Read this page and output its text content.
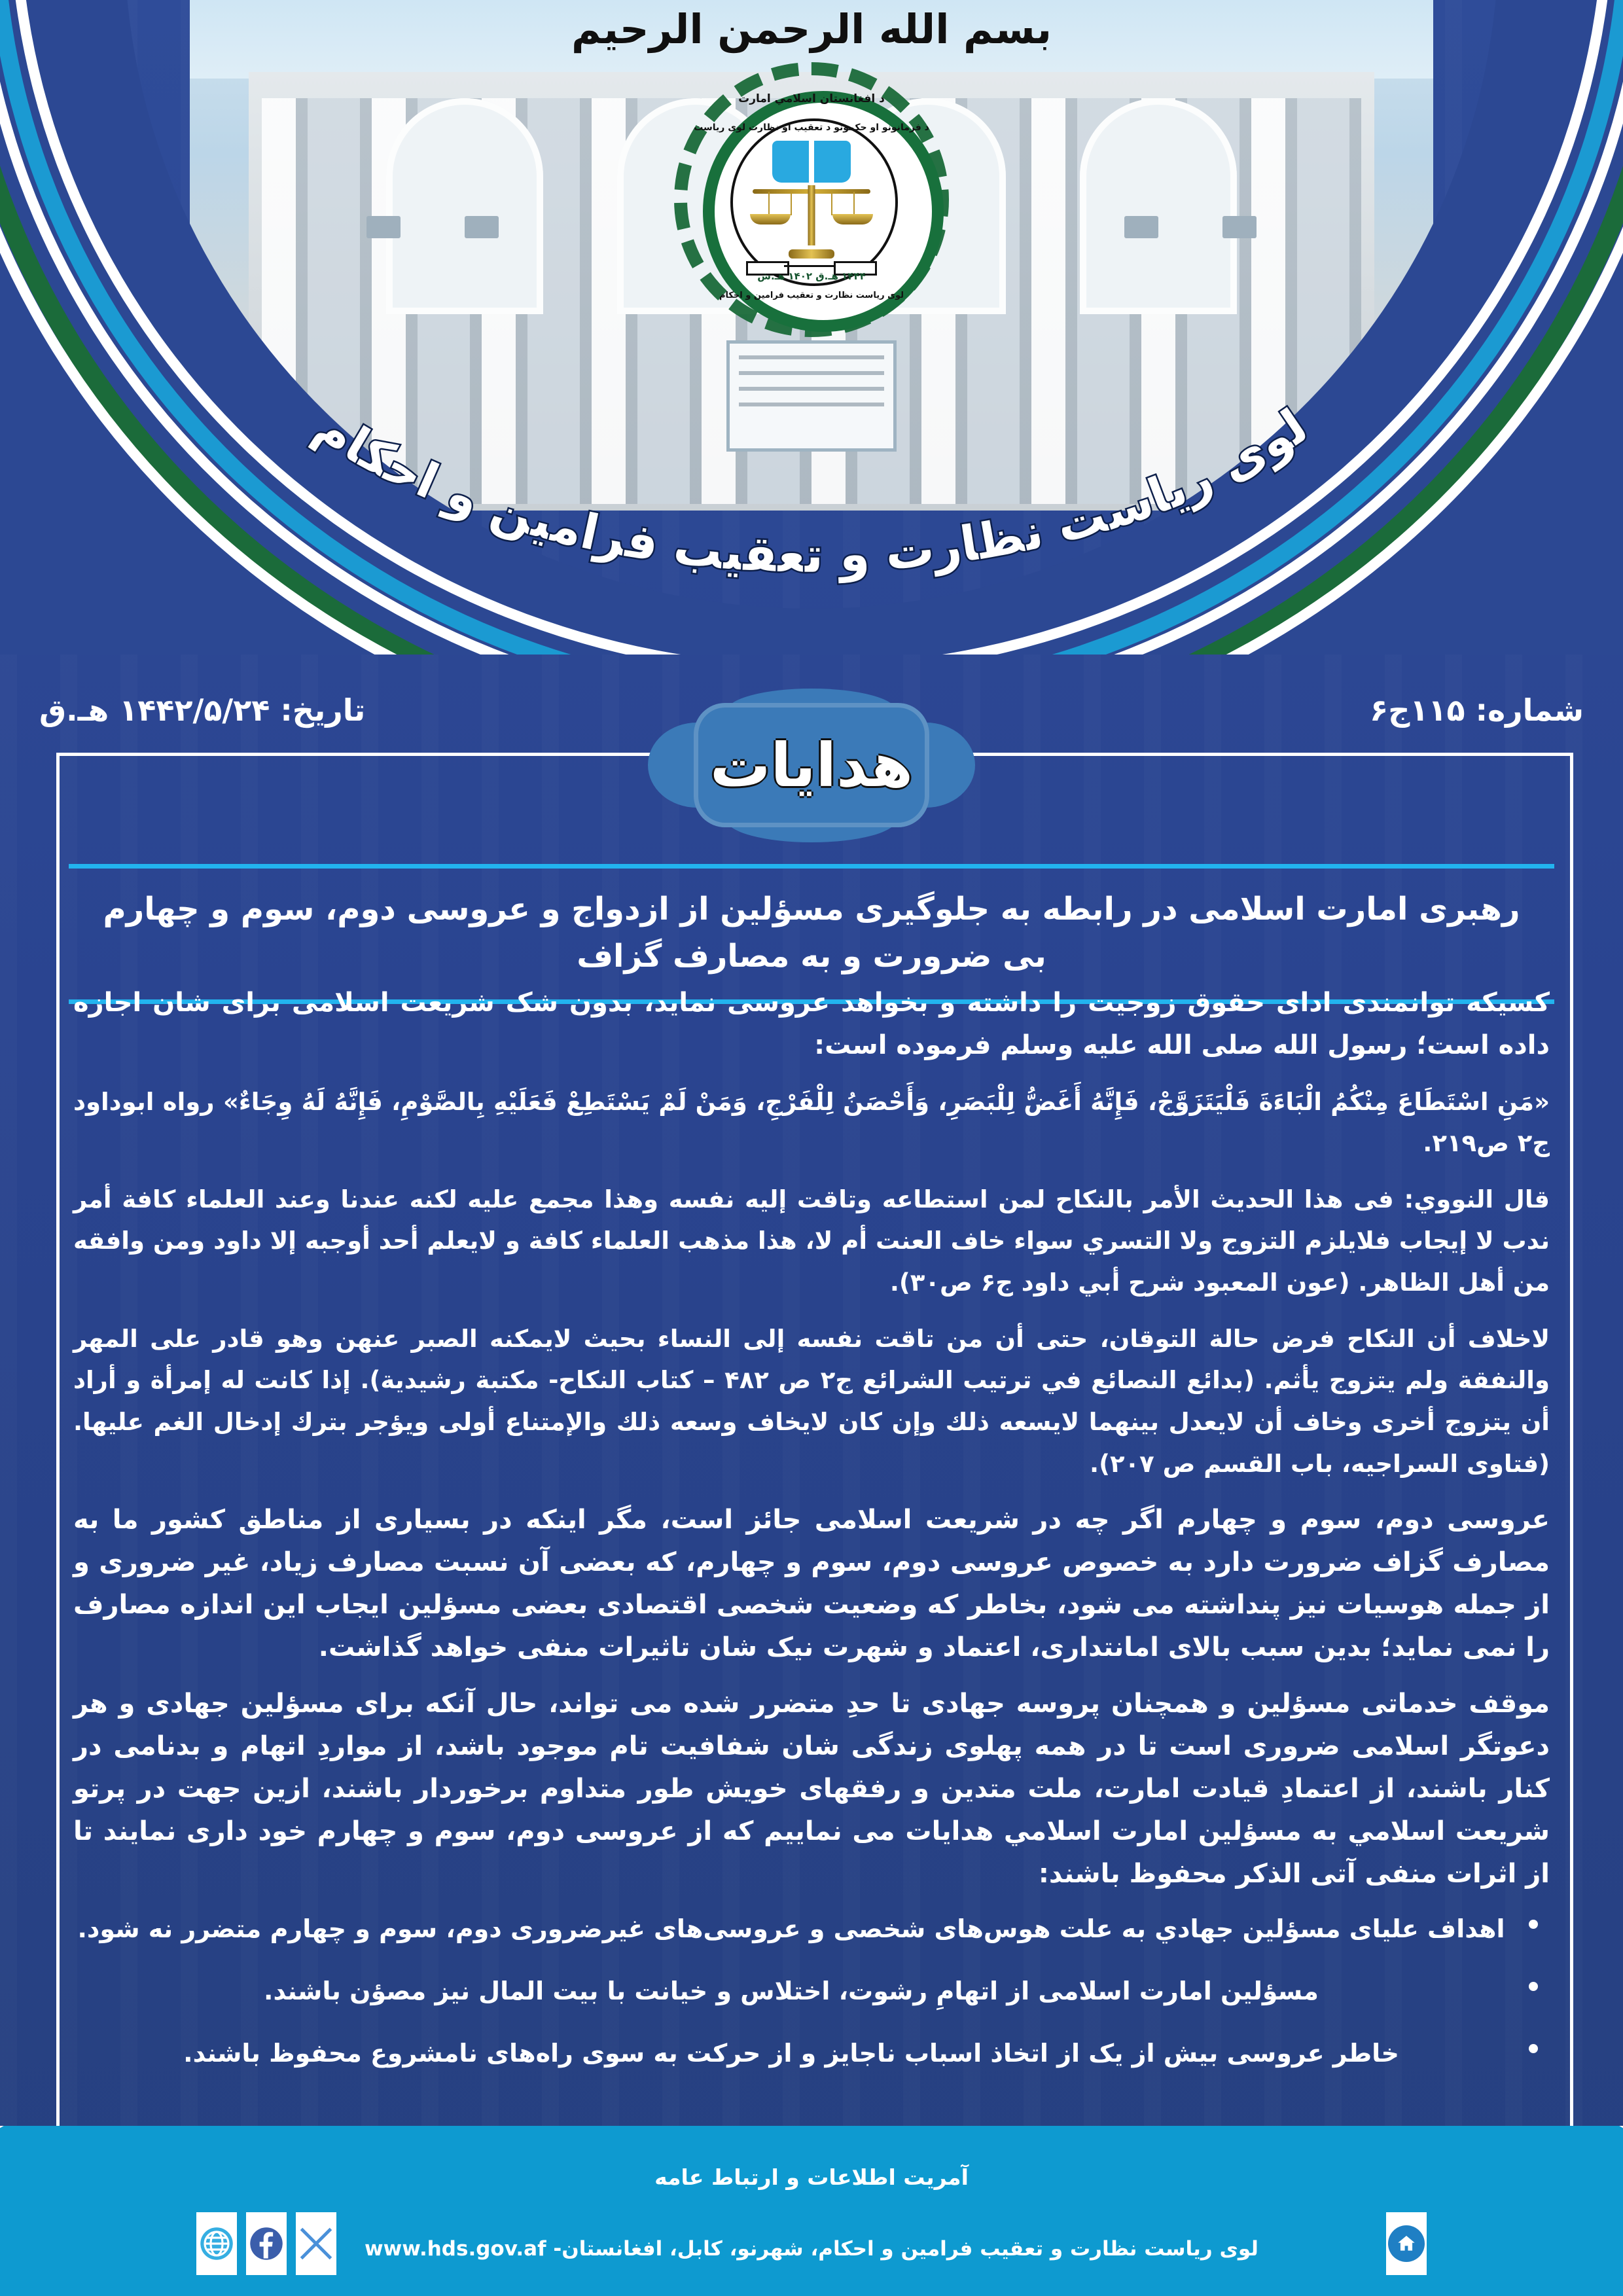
بسم الله الرحمن الرحیم
لوی ریاست نظارت و تعقیب فرامین و احکام
د افغانستان اسلامي امارت
د فرمانونو او حکمونو د تعقیب او نظارت لوی ریاست
۱۴۴۴ هـ.ق ۱۴۰۲ هـ.ش
لوی ریاست نظارت و تعقیب فرامین و احکام
شماره: ۱۱۵ج۶
تاریخ: ۱۴۴۲/۵/۲۴ هـ.ق
هدایات
رهبری امارت اسلامی در رابطه به جلوگیری مسؤلین از ازدواج و عروسی دوم، سوم و چهارم بی ضرورت و به مصارف گزاف

کسیکه توانمندی ادای حقوق زوجیت را داشته و بخواهد عروسی نماید، بدون شک شریعت اسلامی برای شان اجازه داده است؛ رسول الله صلی الله علیه وسلم فرموده است:

«مَنِ اسْتَطَاعَ مِنْكُمُ الْبَاءَةَ فَلْيَتَزَوَّجْ، فَإِنَّهُ أَغَضُّ لِلْبَصَرِ، وَأَحْصَنُ لِلْفَرْجِ، وَمَنْ لَمْ يَسْتَطِعْ فَعَلَيْهِ بِالصَّوْمِ، فَإِنَّهُ لَهُ وِجَاءٌ» رواه ابوداود ج۲ ص۲۱۹.

قال النووي: فی هذا الحدیث الأمر بالنکاح لمن استطاعه وتاقت إلیه نفسه وهذا مجمع علیه لکنه عندنا وعند العلماء کافة أمر ندب لا إیجاب فلایلزم التزوج ولا التسري سواء خاف العنت أم لا، هذا مذهب العلماء کافة و لایعلم أحد أوجبه إلا داود ومن وافقه من أهل الظاهر. (عون المعبود شرح أبي داود ج۶ ص۳۰).

لاخلاف أن النکاح فرض حالة التوقان، حتى أن من تاقت نفسه إلى النساء بحیث لایمکنه الصبر عنهن وهو قادر على المهر والنفقة ولم یتزوج یأثم. (بدائع النصائع في ترتیب الشرائع ج۲ ص ۴۸۲ – کتاب النکاح- مکتبة رشیدیة). إذا کانت له إمرأة و أراد أن یتزوج أخرى وخاف أن لایعدل بینهما لایسعه ذلك وإن کان لایخاف وسعه ذلك والإمتناع أولى ویؤجر بترك إدخال الغم علیها. (فتاوى السراجیه، باب القسم ص ۲۰۷).

عروسی دوم، سوم و چهارم اگر چه در شریعت اسلامی جائز است، مگر اینکه در بسیاری از مناطق کشور ما به مصارف گزاف ضرورت دارد به خصوص عروسی دوم، سوم و چهارم، که بعضی آن نسبت مصارف زیاد، غیر ضروری و از جمله هوسیات نیز پنداشته می شود، بخاطر که وضعیت شخصی اقتصادی بعضی مسؤلین ایجاب این اندازه مصارف را نمی نماید؛ بدین سبب بالای امانتداری، اعتماد و شهرت نیک شان تاثیرات منفی خواهد گذاشت.

موقف خدماتی مسؤلین و همچنان پروسه جهادی تا حدِ متضرر شده می تواند، حال آنکه برای مسؤلین جهادی و هر دعوتگر اسلامی ضروری است تا در همه پهلوی زندگی شان شفافیت تام موجود باشد، از مواردِ اتهام و بدنامی در کنار باشند، از اعتمادِ قیادت امارت، ملت متدین و رفقهای خویش طور متداوم برخوردار باشند، ازین جهت در پرتو شریعت اسلامي به مسؤلین امارت اسلامي هدایات می نماییم که از عروسی دوم، سوم و چهارم خود داری نمایند تا از اثرات منفی آتی الذکر محفوظ باشند:

اهداف علیای مسؤلین جهادي به علت هوس‌های شخصی و عروسی‌های غیرضروری دوم، سوم و چهارم متضرر نه شود.
مسؤلین امارت اسلامی از اتهامِ رشوت، اختلاس و خیانت با بیت المال نیز مصؤن باشند.
خاطر عروسی بیش از یک از اتخاذ اسباب ناجایز و از حرکت به سوی راه‌های نامشروع محفوظ باشند.
آمریت اطلاعات و ارتباط عامه
لوی ریاست نظارت و تعقیب فرامین و احکام، شهرنو، کابل، افغانستان- www.hds.gov.af
